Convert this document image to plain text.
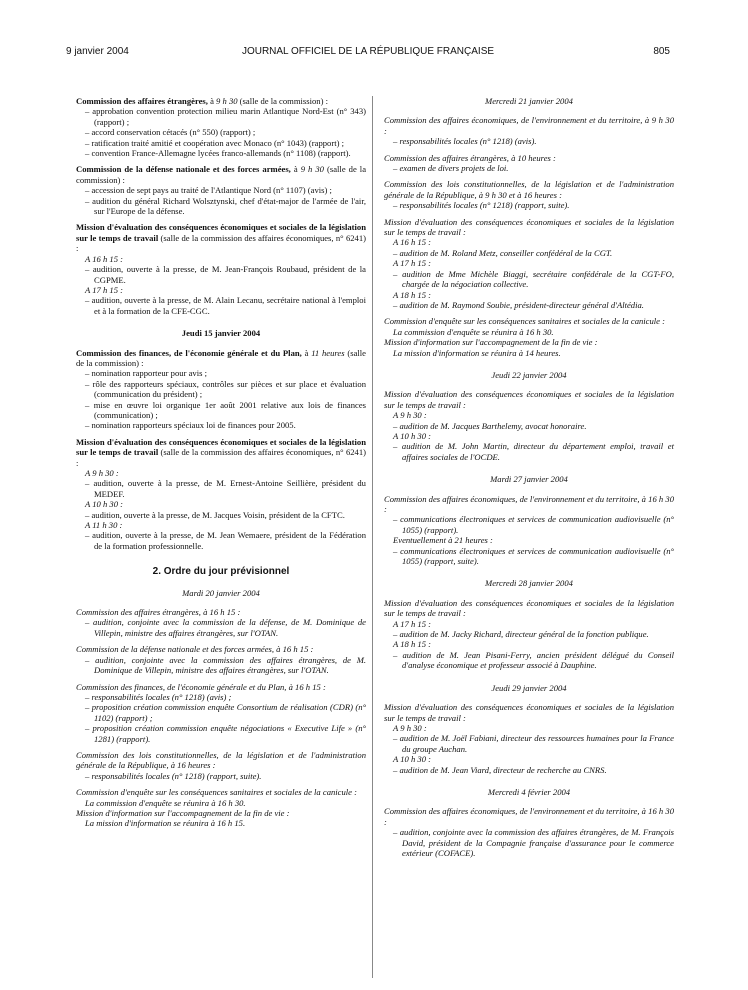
9 janvier 2004	JOURNAL OFFICIEL DE LA RÉPUBLIQUE FRANÇAISE	805
Commission des affaires étrangères, à 9 h 30 (salle de la commission) :
– approbation convention protection milieu marin Atlantique Nord-Est (n° 343) (rapport) ;
– accord conservation cétacés (n° 550) (rapport) ;
– ratification traité amitié et coopération avec Monaco (n° 1043) (rapport) ;
– convention France-Allemagne lycées franco-allemands (n° 1108) (rapport).
Commission de la défense nationale et des forces armées, à 9 h 30 (salle de la commission) :
– accession de sept pays au traité de l'Atlantique Nord (n° 1107) (avis) ;
– audition du général Richard Wolsztynski, chef d'état-major de l'armée de l'air, sur l'Europe de la défense.
Mission d'évaluation des conséquences économiques et sociales de la législation sur le temps de travail (salle de la commission des affaires économiques, n° 6241) :
A 16 h 15 :
– audition, ouverte à la presse, de M. Jean-François Roubaud, président de la CGPME.
A 17 h 15 :
– audition, ouverte à la presse, de M. Alain Lecanu, secrétaire national à l'emploi et à la formation de la CFE-CGC.
Jeudi 15 janvier 2004
Commission des finances, de l'économie générale et du Plan, à 11 heures (salle de la commission) :
– nomination rapporteur pour avis ;
– rôle des rapporteurs spéciaux, contrôles sur pièces et sur place et évaluation (communication du président) ;
– mise en œuvre loi organique 1er août 2001 relative aux lois de finances (communication) ;
– nomination rapporteurs spéciaux loi de finances pour 2005.
Mission d'évaluation des conséquences économiques et sociales de la législation sur le temps de travail (salle de la commission des affaires économiques, n° 6241) :
A 9 h 30 :
– audition, ouverte à la presse, de M. Ernest-Antoine Seillière, président du MEDEF.
A 10 h 30 :
– audition, ouverte à la presse, de M. Jacques Voisin, président de la CFTC.
A 11 h 30 :
– audition, ouverte à la presse, de M. Jean Wemaere, président de la Fédération de la formation professionnelle.
2. Ordre du jour prévisionnel
Mardi 20 janvier 2004
Commission des affaires étrangères, à 16 h 15 :
– audition, conjointe avec la commission de la défense, de M. Dominique de Villepin, ministre des affaires étrangères, sur l'OTAN.
Commission de la défense nationale et des forces armées, à 16 h 15 :
– audition, conjointe avec la commission des affaires étrangères, de M. Dominique de Villepin, ministre des affaires étrangères, sur l'OTAN.
Commission des finances, de l'économie générale et du Plan, à 16 h 15 :
– responsabilités locales (n° 1218) (avis) ;
– proposition création commission enquête Consortium de réalisation (CDR) (n° 1102) (rapport) ;
– proposition création commission enquête négociations « Executive Life » (n° 1281) (rapport).
Commission des lois constitutionnelles, de la législation et de l'administration générale de la République, à 16 heures :
– responsabilités locales (n° 1218) (rapport, suite).
Commission d'enquête sur les conséquences sanitaires et sociales de la canicule :
La commission d'enquête se réunira à 16 h 30.
Mission d'information sur l'accompagnement de la fin de vie :
La mission d'information se réunira à 16 h 15.
Mercredi 21 janvier 2004
Commission des affaires économiques, de l'environnement et du territoire, à 9 h 30 :
– responsabilités locales (n° 1218) (avis).
Commission des affaires étrangères, à 10 heures :
– examen de divers projets de loi.
Commission des lois constitutionnelles, de la législation et de l'administration générale de la République, à 9 h 30 et à 16 heures :
– responsabilités locales (n° 1218) (rapport, suite).
Mission d'évaluation des conséquences économiques et sociales de la législation sur le temps de travail :
A 16 h 15 :
– audition de M. Roland Metz, conseiller confédéral de la CGT.
A 17 h 15 :
– audition de Mme Michèle Biaggi, secrétaire confédérale de la CGT-FO, chargée de la négociation collective.
A 18 h 15 :
– audition de M. Raymond Soubie, président-directeur général d'Altédia.
Commission d'enquête sur les conséquences sanitaires et sociales de la canicule :
La commission d'enquête se réunira à 16 h 30.
Mission d'information sur l'accompagnement de la fin de vie :
La mission d'information se réunira à 14 heures.
Jeudi 22 janvier 2004
Mission d'évaluation des conséquences économiques et sociales de la législation sur le temps de travail :
A 9 h 30 :
– audition de M. Jacques Barthelemy, avocat honoraire.
A 10 h 30 :
– audition de M. John Martin, directeur du département emploi, travail et affaires sociales de l'OCDE.
Mardi 27 janvier 2004
Commission des affaires économiques, de l'environnement et du territoire, à 16 h 30 :
– communications électroniques et services de communication audiovisuelle (n° 1055) (rapport).
Eventuellement à 21 heures :
– communications électroniques et services de communication audiovisuelle (n° 1055) (rapport, suite).
Mercredi 28 janvier 2004
Mission d'évaluation des conséquences économiques et sociales de la législation sur le temps de travail :
A 17 h 15 :
– audition de M. Jacky Richard, directeur général de la fonction publique.
A 18 h 15 :
– audition de M. Jean Pisani-Ferry, ancien président délégué du Conseil d'analyse économique et professeur associé à Dauphine.
Jeudi 29 janvier 2004
Mission d'évaluation des conséquences économiques et sociales de la législation sur le temps de travail :
A 9 h 30 :
– audition de M. Joël Fabiani, directeur des ressources humaines pour la France du groupe Auchan.
A 10 h 30 :
– audition de M. Jean Viard, directeur de recherche au CNRS.
Mercredi 4 février 2004
Commission des affaires économiques, de l'environnement et du territoire, à 16 h 30 :
– audition, conjointe avec la commission des affaires étrangères, de M. François David, président de la Compagnie française d'assurance pour le commerce extérieur (COFACE).
